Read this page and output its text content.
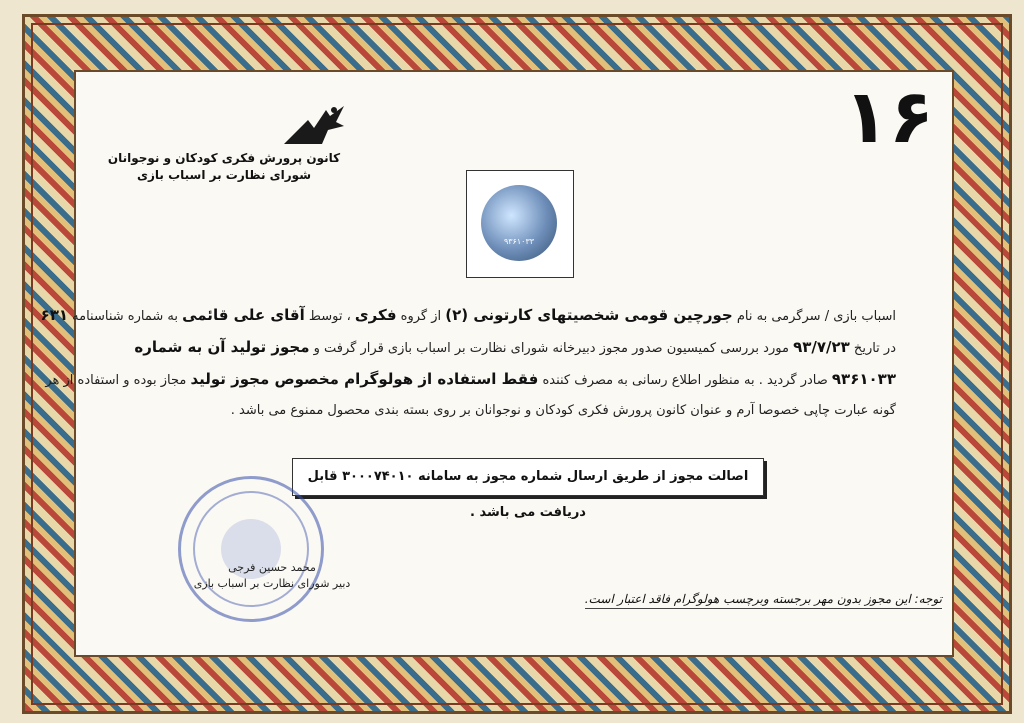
۱۶
کانون پرورش فکری کودکان و نوجوانان
شورای نظارت بر اسباب بازی
۹۳۶۱۰۳۳
اسباب بازی / سرگرمی به نام جورچین قومی شخصیتهای کارتونی (۲) از گروه فکری ، توسط آقای علی قائمی به شماره شناسنامه ۶۳۱
در تاریخ ۹۳/۷/۲۳ مورد بررسی کمیسیون صدور مجوز دبیرخانه شورای نظارت بر اسباب بازی قرار گرفت و مجوز تولید آن به شماره
۹۳۶۱۰۳۳ صادر گردید . به منظور اطلاع رسانی به مصرف کننده فقط استفاده از هولوگرام مخصوص مجوز تولید مجاز بوده و استفاده از هر
گونه عبارت چاپی خصوصا آرم و عنوان کانون پرورش فکری کودکان و نوجوانان بر روی بسته بندی محصول ممنوع می باشد .
اصالت مجوز از طریق ارسال شماره مجوز به سامانه ۳۰۰۰۷۴۰۱۰ قابل دریافت می باشد .
محمد حسین فرجی
دبیر شورای نظارت بر اسباب بازی
توجه: این مجوز بدون مهر برجسته وبرچسب هولوگرام فاقد اعتبار است.
